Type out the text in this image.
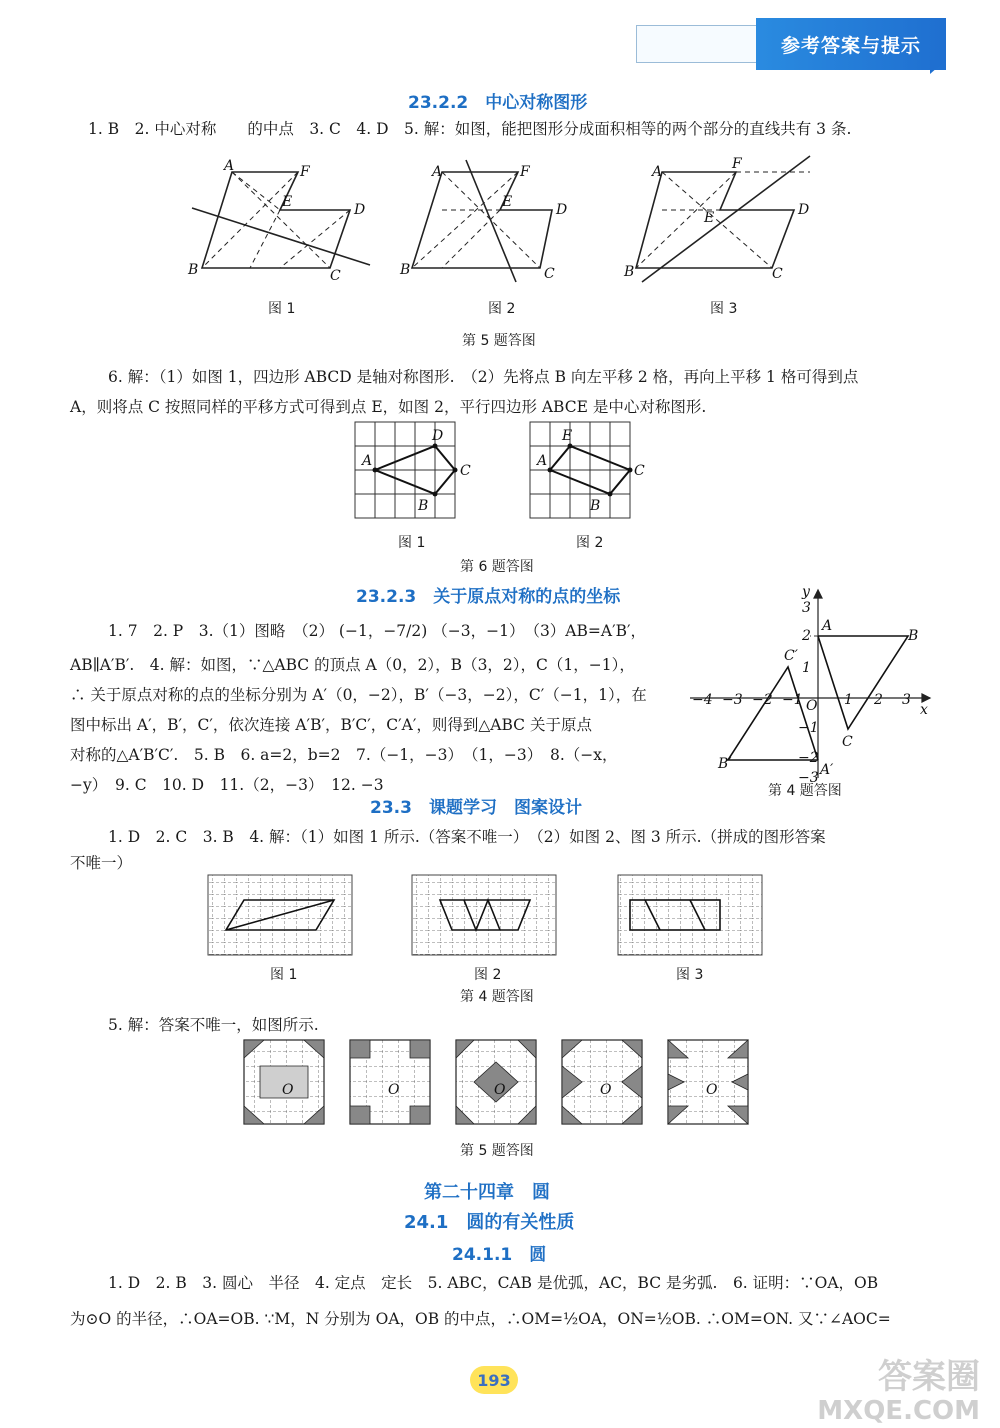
参考答案与提示
23.2.2　中心对称图形
1. B　2. 中心对称　　的中点　3. C　4. D　5. 解：如图，能把图形分成面积相等的两个部分的直线共有 3 条.
A	F
E	D
B	C
A	F
E	D
B	C
A	F
E	D
B	C
图 1	图 2	图 3
第 5 题答图
6. 解：（1）如图 1，四边形 ABCD 是轴对称图形.　（2）先将点 B 向左平移 2 格，再向上平移 1 格可得到点
A，则将点 C 按照同样的平移方式可得到点 E，如图 2，平行四边形 ABCE 是中心对称图形.
A
D
C
B
A
E
C
B
图 1	图 2
第 6 题答图
23.2.3　关于原点对称的点的坐标
1. 7　2. P　3.（1）图略　（2） (−1，−7/2) （−3，−1）　（3）AB=A′B′，
AB∥A′B′.　4. 解：如图，∵△ABC 的顶点 A（0，2），B（3，2），C（1，−1），
∴ 关于原点对称的点的坐标分别为 A′（0，−2），B′（−3，−2），C′（−1，1），在
图中标出 A′，B′，C′，依次连接 A′B′，B′C′，C′A′，则得到△ABC 关于原点
对称的△A′B′C′.　5. B　6. a=2，b=2　7.（−1，−3）　（1，−3）　8.（−x，
−y）　9. C　10. D　11.（2，−3）　12. −3
x
y
O
−4 −3 −2 −1	1 2 3
3
2
1
−1
−2
−3
A
B
C
C′
B′	A′
第 4 题答图
23.3　课题学习　图案设计
1. D　2. C　3. B　4. 解：（1）如图 1 所示.（答案不唯一）　（2）如图 2、图 3 所示.（拼成的图形答案
不唯一）
图 1	图 2	图 3
第 4 题答图
5. 解：答案不唯一，如图所示.
O	O	O	O	O
第 5 题答图
第二十四章　圆
24.1　圆的有关性质
24.1.1　圆
1. D　2. B　3. 圆心　半径　4. 定点　定长　5. ABC，CAB 是优弧，AC，BC 是劣弧.　6. 证明：∵OA，OB
为⊙O 的半径，∴OA=OB. ∵M，N 分别为 OA，OB 的中点，∴OM=½OA，ON=½OB. ∴OM=ON. 又∵∠AOC=
193	答案圈
MXQE.COM
